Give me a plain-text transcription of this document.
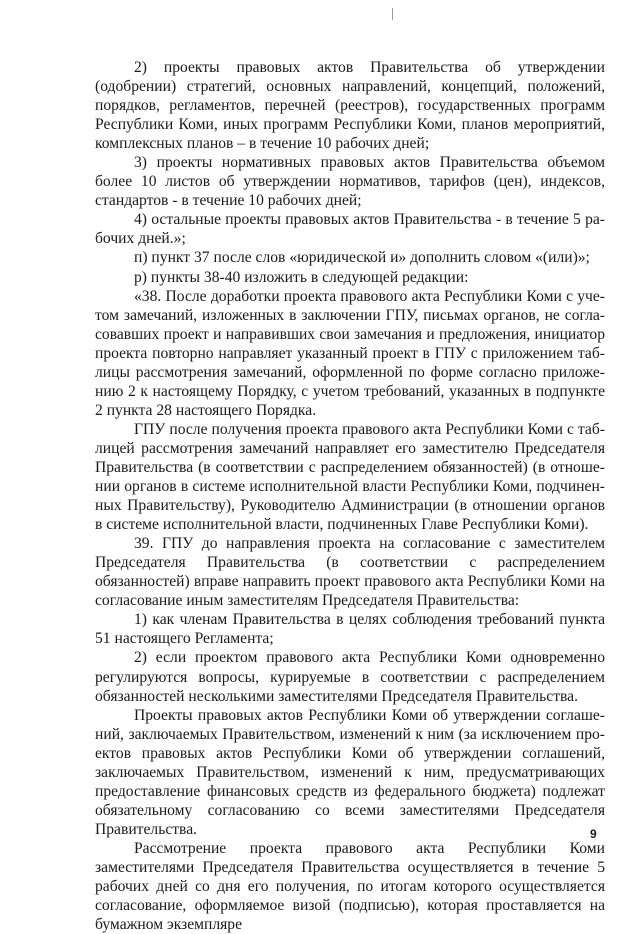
2) проекты правовых актов Правительства об утверждении (одобрении) стратегий, основных направлений, концепций, положений, порядков, регламентов, перечней (реестров), государственных программ Республики Коми, иных программ Республики Коми, планов мероприятий, комплексных планов – в течение 10 рабочих дней;

3) проекты нормативных правовых актов Правительства объемом более 10 листов об утверждении нормативов, тарифов (цен), индексов, стандартов - в течение 10 рабочих дней;

4) остальные проекты правовых актов Правительства - в течение 5 рабочих дней.»;

п) пункт 37 после слов «юридической и» дополнить словом «(или)»;

р) пункты 38-40 изложить в следующей редакции:

«38. После доработки проекта правового акта Республики Коми с учетом замечаний, изложенных в заключении ГПУ, письмах органов, не согласовавших проект и направивших свои замечания и предложения, инициатор проекта повторно направляет указанный проект в ГПУ с приложением таблицы рассмотрения замечаний, оформленной по форме согласно приложению 2 к настоящему Порядку, с учетом требований, указанных в подпункте 2 пункта 28 настоящего Порядка.

ГПУ после получения проекта правового акта Республики Коми с таблицей рассмотрения замечаний направляет его заместителю Председателя Правительства (в соответствии с распределением обязанностей) (в отношении органов в системе исполнительной власти Республики Коми, подчиненных Правительству), Руководителю Администрации (в отношении органов в системе исполнительной власти, подчиненных Главе Республики Коми).

39. ГПУ до направления проекта на согласование с заместителем Председателя Правительства (в соответствии с распределением обязанностей) вправе направить проект правового акта Республики Коми на согласование иным заместителям Председателя Правительства:

1) как членам Правительства в целях соблюдения требований пункта 51 настоящего Регламента;

2) если проектом правового акта Республики Коми одновременно регулируются вопросы, курируемые в соответствии с распределением обязанностей несколькими заместителями Председателя Правительства.

Проекты правовых актов Республики Коми об утверждении соглашений, заключаемых Правительством, изменений к ним (за исключением проектов правовых актов Республики Коми об утверждении соглашений, заключаемых Правительством, изменений к ним, предусматривающих предоставление финансовых средств из федерального бюджета) подлежат обязательному согласованию со всеми заместителями Председателя Правительства.

Рассмотрение проекта правового акта Республики Коми заместителями Председателя Правительства осуществляется в течение 5 рабочих дней со дня его получения, по итогам которого осуществляется согласование, оформляемое визой (подписью), которая проставляется на бумажном экземпляре

9
